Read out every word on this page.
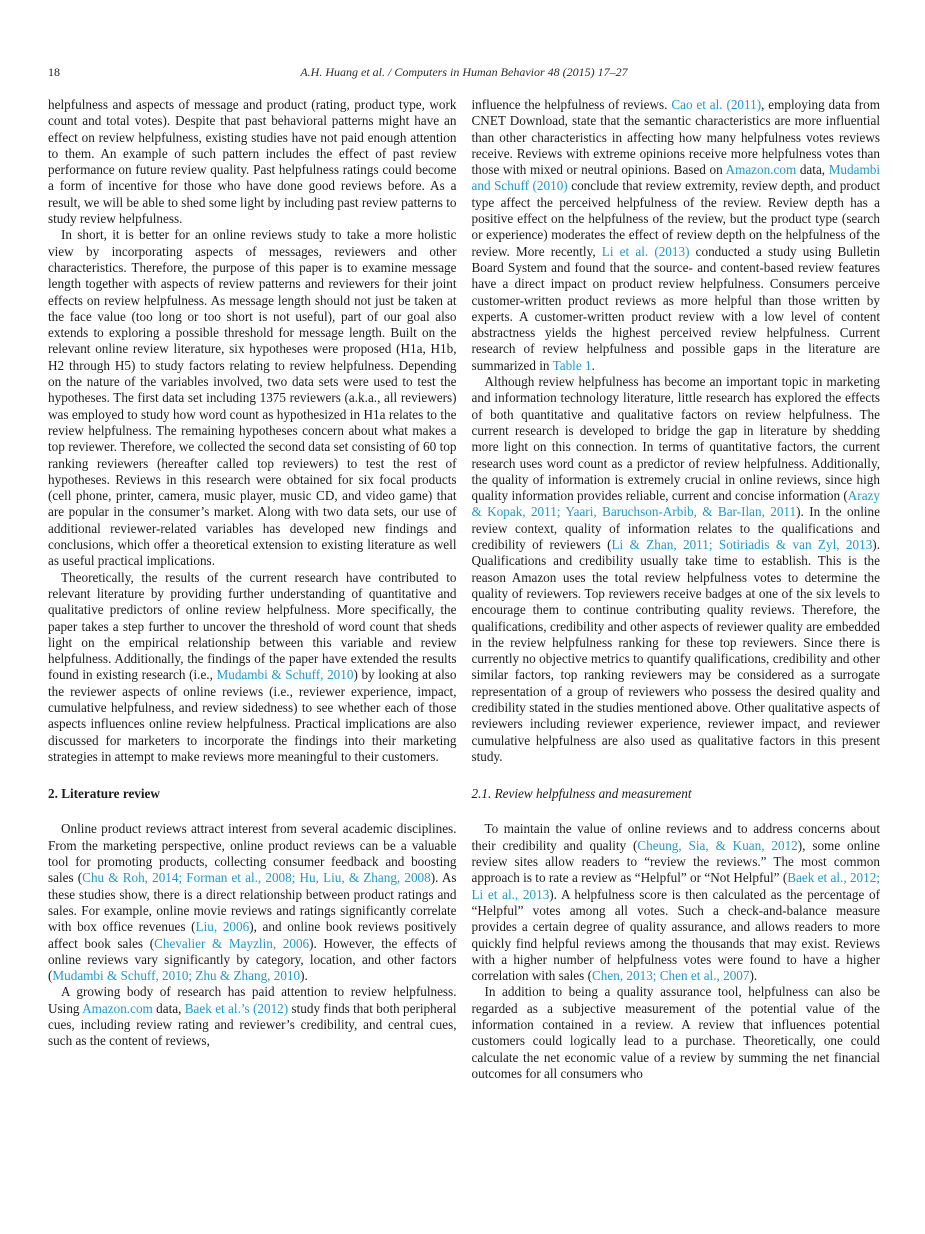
18	A.H. Huang et al. / Computers in Human Behavior 48 (2015) 17–27

helpfulness and aspects of message and product (rating, product type, work count and total votes). Despite that past behavioral patterns might have an effect on review helpfulness, existing studies have not paid enough attention to them. An example of such pattern includes the effect of past review performance on future review quality. Past helpfulness ratings could become a form of incentive for those who have done good reviews before. As a result, we will be able to shed some light by including past review patterns to study review helpfulness.

In short, it is better for an online reviews study to take a more holistic view by incorporating aspects of messages, reviewers and other characteristics. Therefore, the purpose of this paper is to examine message length together with aspects of review patterns and reviewers for their joint effects on review helpfulness. As message length should not just be taken at the face value (too long or too short is not useful), part of our goal also extends to exploring a possible threshold for message length. Built on the relevant online review literature, six hypotheses were proposed (H1a, H1b, H2 through H5) to study factors relating to review helpfulness. Depending on the nature of the variables involved, two data sets were used to test the hypotheses. The first data set including 1375 reviewers (a.k.a., all reviewers) was employed to study how word count as hypothesized in H1a relates to the review helpfulness. The remaining hypotheses concern about what makes a top reviewer. Therefore, we collected the second data set consisting of 60 top ranking reviewers (hereafter called top reviewers) to test the rest of hypotheses. Reviews in this research were obtained for six focal products (cell phone, printer, camera, music player, music CD, and video game) that are popular in the consumer’s market. Along with two data sets, our use of additional reviewer-related variables has developed new findings and conclusions, which offer a theoretical extension to existing literature as well as useful practical implications.

Theoretically, the results of the current research have contributed to relevant literature by providing further understanding of quantitative and qualitative predictors of online review helpfulness. More specifically, the paper takes a step further to uncover the threshold of word count that sheds light on the empirical relationship between this variable and review helpfulness. Additionally, the findings of the paper have extended the results found in existing research (i.e., Mudambi & Schuff, 2010) by looking at also the reviewer aspects of online reviews (i.e., reviewer experience, impact, cumulative helpfulness, and review sidedness) to see whether each of those aspects influences online review helpfulness. Practical implications are also discussed for marketers to incorporate the findings into their marketing strategies in attempt to make reviews more meaningful to their customers.

2. Literature review

Online product reviews attract interest from several academic disciplines. From the marketing perspective, online product reviews can be a valuable tool for promoting products, collecting consumer feedback and boosting sales (Chu & Roh, 2014; Forman et al., 2008; Hu, Liu, & Zhang, 2008). As these studies show, there is a direct relationship between product ratings and sales. For example, online movie reviews and ratings significantly correlate with box office revenues (Liu, 2006), and online book reviews positively affect book sales (Chevalier & Mayzlin, 2006). However, the effects of online reviews vary significantly by category, location, and other factors (Mudambi & Schuff, 2010; Zhu & Zhang, 2010).

A growing body of research has paid attention to review helpfulness. Using Amazon.com data, Baek et al.’s (2012) study finds that both peripheral cues, including review rating and reviewer’s credibility, and central cues, such as the content of reviews,

influence the helpfulness of reviews. Cao et al. (2011), employing data from CNET Download, state that the semantic characteristics are more influential than other characteristics in affecting how many helpfulness votes reviews receive. Reviews with extreme opinions receive more helpfulness votes than those with mixed or neutral opinions. Based on Amazon.com data, Mudambi and Schuff (2010) conclude that review extremity, review depth, and product type affect the perceived helpfulness of the review. Review depth has a positive effect on the helpfulness of the review, but the product type (search or experience) moderates the effect of review depth on the helpfulness of the review. More recently, Li et al. (2013) conducted a study using Bulletin Board System and found that the source- and content-based review features have a direct impact on product review helpfulness. Consumers perceive customer-written product reviews as more helpful than those written by experts. A customer-written product review with a low level of content abstractness yields the highest perceived review helpfulness. Current research of review helpfulness and possible gaps in the literature are summarized in Table 1.

Although review helpfulness has become an important topic in marketing and information technology literature, little research has explored the effects of both quantitative and qualitative factors on review helpfulness. The current research is developed to bridge the gap in literature by shedding more light on this connection. In terms of quantitative factors, the current research uses word count as a predictor of review helpfulness. Additionally, the quality of information is extremely crucial in online reviews, since high quality information provides reliable, current and concise information (Arazy & Kopak, 2011; Yaari, Baruchson-Arbib, & Bar-Ilan, 2011). In the online review context, quality of information relates to the qualifications and credibility of reviewers (Li & Zhan, 2011; Sotiriadis & van Zyl, 2013). Qualifications and credibility usually take time to establish. This is the reason Amazon uses the total review helpfulness votes to determine the quality of reviewers. Top reviewers receive badges at one of the six levels to encourage them to continue contributing quality reviews. Therefore, the qualifications, credibility and other aspects of reviewer quality are embedded in the review helpfulness ranking for these top reviewers. Since there is currently no objective metrics to quantify qualifications, credibility and other similar factors, top ranking reviewers may be considered as a surrogate representation of a group of reviewers who possess the desired quality and credibility stated in the studies mentioned above. Other qualitative aspects of reviewers including reviewer experience, reviewer impact, and reviewer cumulative helpfulness are also used as qualitative factors in this present study.

2.1. Review helpfulness and measurement

To maintain the value of online reviews and to address concerns about their credibility and quality (Cheung, Sia, & Kuan, 2012), some online review sites allow readers to “review the reviews.” The most common approach is to rate a review as “Helpful” or “Not Helpful” (Baek et al., 2012; Li et al., 2013). A helpfulness score is then calculated as the percentage of “Helpful” votes among all votes. Such a check-and-balance measure provides a certain degree of quality assurance, and allows readers to more quickly find helpful reviews among the thousands that may exist. Reviews with a higher number of helpfulness votes were found to have a higher correlation with sales (Chen, 2013; Chen et al., 2007).

In addition to being a quality assurance tool, helpfulness can also be regarded as a subjective measurement of the potential value of the information contained in a review. A review that influences potential customers could logically lead to a purchase. Theoretically, one could calculate the net economic value of a review by summing the net financial outcomes for all consumers who
